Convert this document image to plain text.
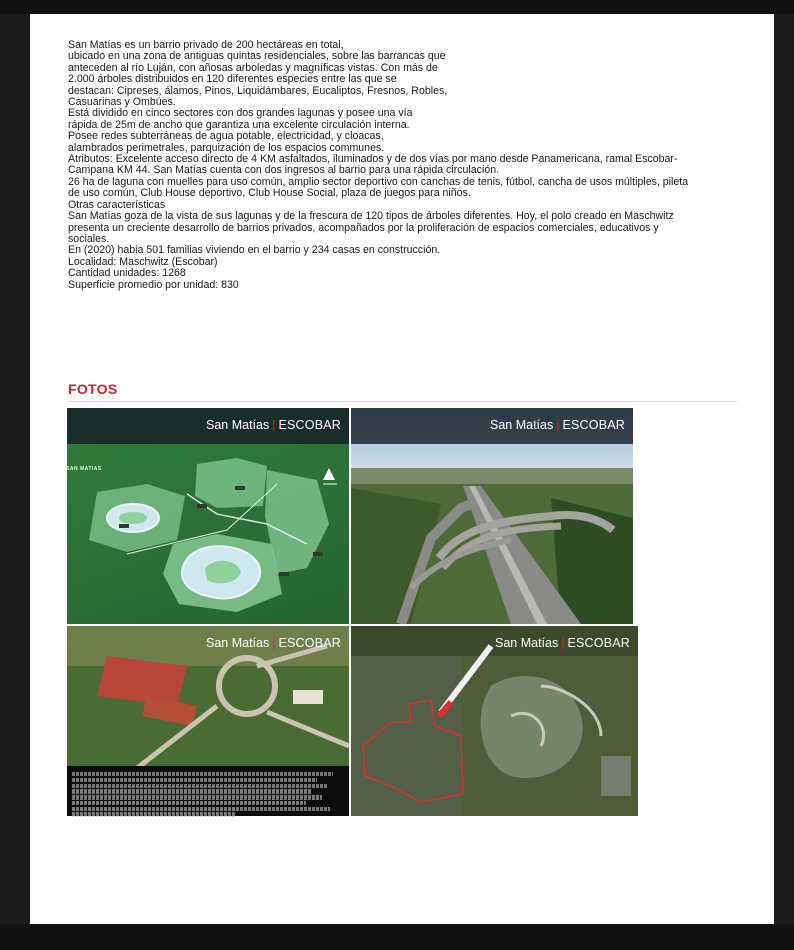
San Matías es un barrio privado de 200 hectáreas en total,
ubicado en una zona de antiguas quintas residenciales, sobre las barrancas que
anteceden al río Luján, con añosas arboledas y magníficas vistas. Con más de
2.000 árboles distribuidos en 120 diferentes especies entre las que se
destacan: Cipreses, álamos, Pinos, Liquidámbares, Eucaliptos, Fresnos, Robles,
Casuarinas y Ombúes.

Está dividido en cinco sectores con dos grandes lagunas y posee una vía
rápida de 25m de ancho que garantiza una excelente circulación interna.

Posee redes subterráneas de agua potable, electricidad, y cloacas,
alambrados perimetrales, parquización de los espacios communes.

Atributos: Excelente acceso directo de 4 KM asfaltados, iluminados y de dos vías por mano desde Panamericana, ramal Escobar-
Campana KM 44. San Matías cuenta con dos ingresos al barrio para una rápida circulación.

26 ha de laguna con muelles para uso común, amplio sector deportivo con canchas de tenis, fútbol, cancha de usos múltiples, pileta
de uso común, Club House deportivo, Club House Social, plaza de juegos para niños.

Otras características

San Matías goza de la vista de sus lagunas y de la frescura de 120 tipos de árboles diferentes. Hoy, el polo creado en Maschwitz
presenta un creciente desarrollo de barrios privados, acompañados por la proliferación de espacios comerciales, educativos y
sociales.

En (2020) habia 501 familias viviendo en el barrio y 234 casas en construcción.

Localidad: Maschwitz (Escobar)

Cantidad unidades: 1268

Superficie promedio por unidad: 830

FOTOS
San Matías | ESCOBAR
SAN MATIAS
San Matías | ESCOBAR
San Matías | ESCOBAR	San Matías | ESCOBAR
